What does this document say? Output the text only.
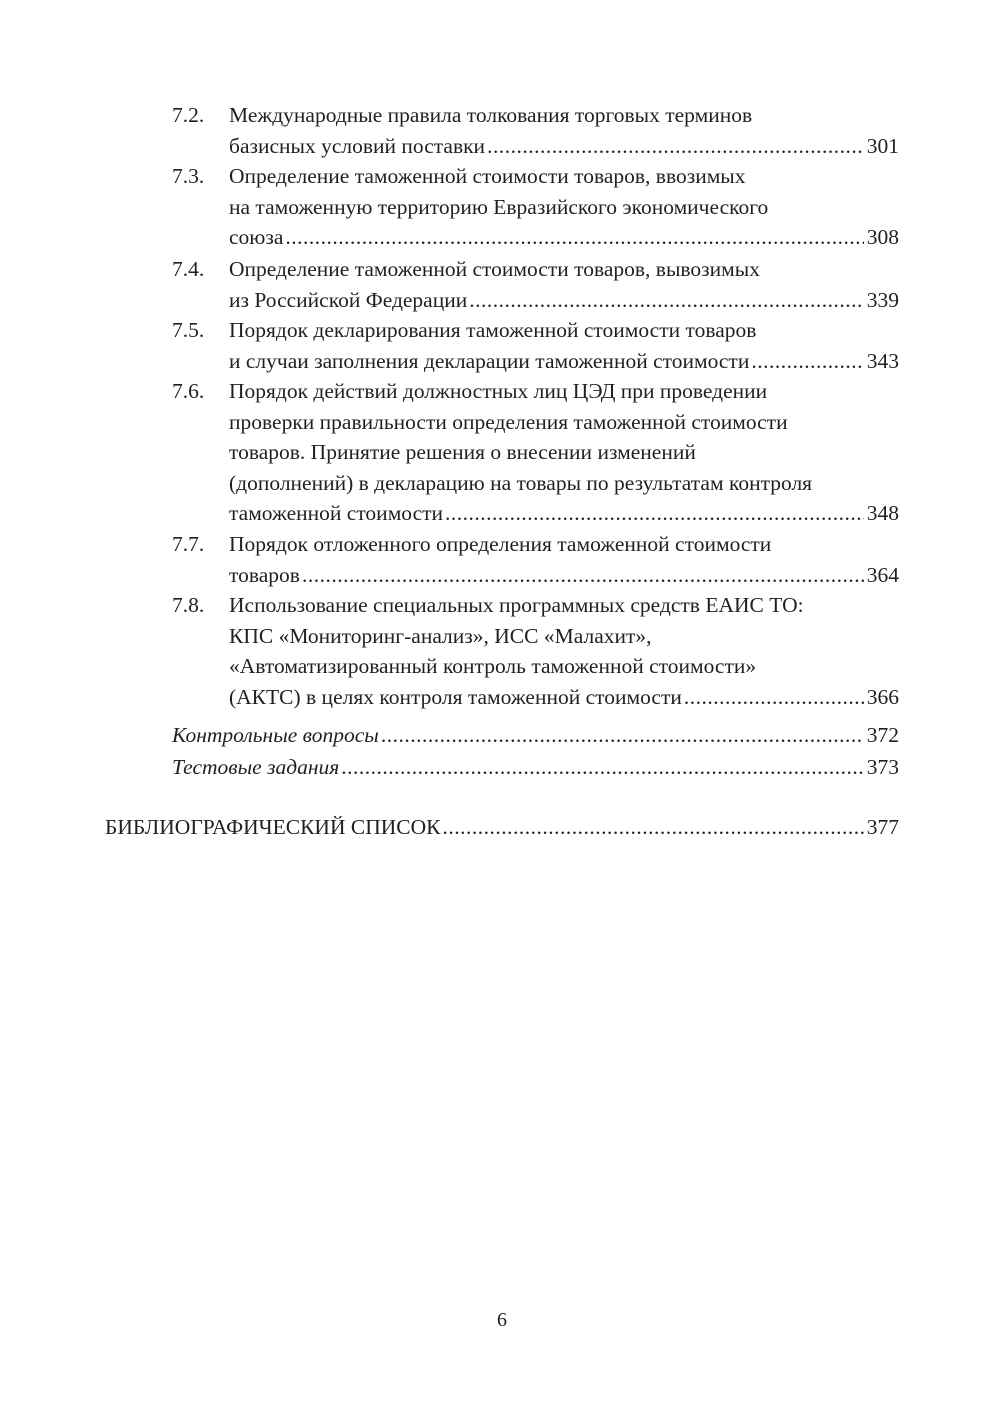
7.2. Международные правила толкования торговых терминов
базисных условий поставки .....	301
7.3. Определение таможенной стоимости товаров, ввозимых
на таможенную территорию Евразийского экономического
союза .....	308
7.4. Определение таможенной стоимости товаров, вывозимых
из Российской Федерации .....	339
7.5. Порядок декларирования таможенной стоимости товаров
и случаи заполнения декларации таможенной стоимости .....	343
7.6. Порядок действий должностных лиц ЦЭД при проведении
проверки правильности определения таможенной стоимости
товаров. Принятие решения о внесении изменений
(дополнений) в декларацию на товары по результатам контроля
таможенной стоимости .....	348
7.7. Порядок отложенного определения таможенной стоимости
товаров .....	364
7.8. Использование специальных программных средств ЕАИС ТО:
КПС «Мониторинг-анализ», ИСС «Малахит»,
«Автоматизированный контроль таможенной стоимости»
(АКТС) в целях контроля таможенной стоимости .....	366
Контрольные вопросы .....	372
Тестовые задания .....	373
БИБЛИОГРАФИЧЕСКИЙ СПИСОК .....	377
6
